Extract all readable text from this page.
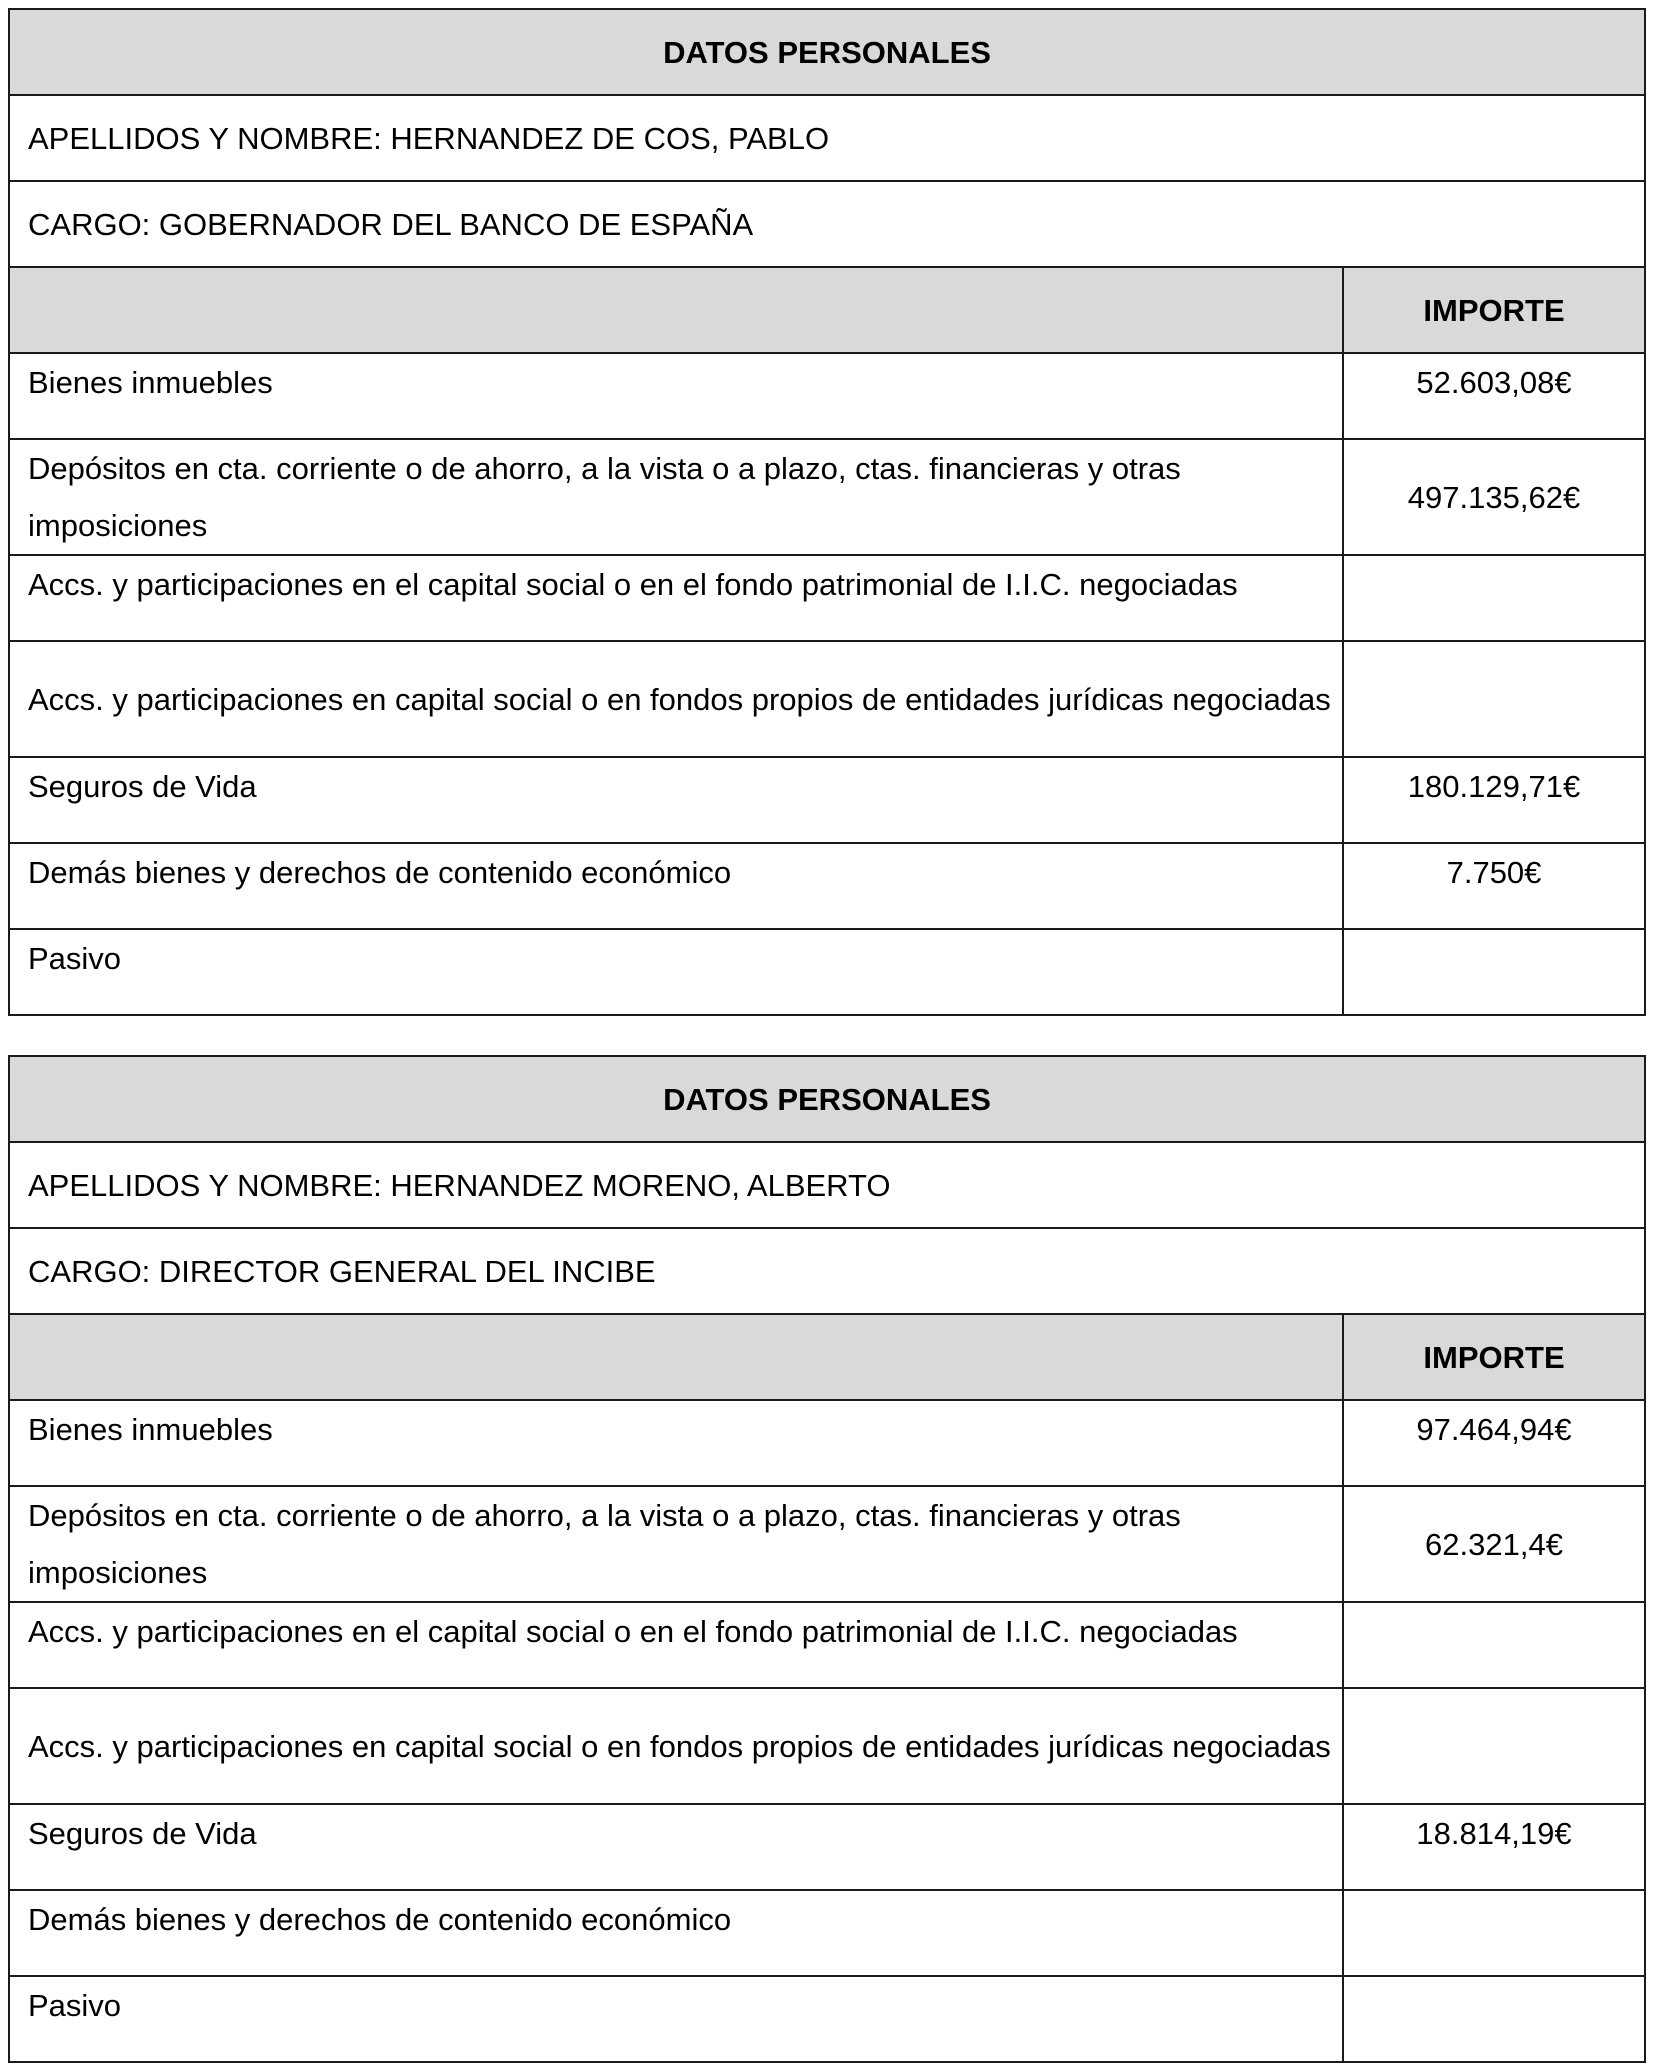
DATOS PERSONALES	
APELLIDOS Y NOMBRE: HERNANDEZ DE COS, PABLO	
CARGO: GOBERNADOR DEL BANCO DE ESPAÑA	
	IMPORTE
Bienes inmuebles	52.603,08€
Depósitos en cta. corriente o de ahorro, a la vista o a plazo, ctas. financieras y otras imposiciones	497.135,62€
Accs. y participaciones en el capital social o en el fondo patrimonial de I.I.C. negociadas	
Accs. y participaciones en capital social o en fondos propios de entidades jurídicas negociadas	
Seguros de Vida	180.129,71€
Demás bienes y derechos de contenido económico	7.750€
Pasivo	
DATOS PERSONALES	
APELLIDOS Y NOMBRE: HERNANDEZ MORENO, ALBERTO	
CARGO: DIRECTOR GENERAL DEL INCIBE	
	IMPORTE
Bienes inmuebles	97.464,94€
Depósitos en cta. corriente o de ahorro, a la vista o a plazo, ctas. financieras y otras imposiciones	62.321,4€
Accs. y participaciones en el capital social o en el fondo patrimonial de I.I.C. negociadas	
Accs. y participaciones en capital social o en fondos propios de entidades jurídicas negociadas	
Seguros de Vida	18.814,19€
Demás bienes y derechos de contenido económico	
Pasivo	
